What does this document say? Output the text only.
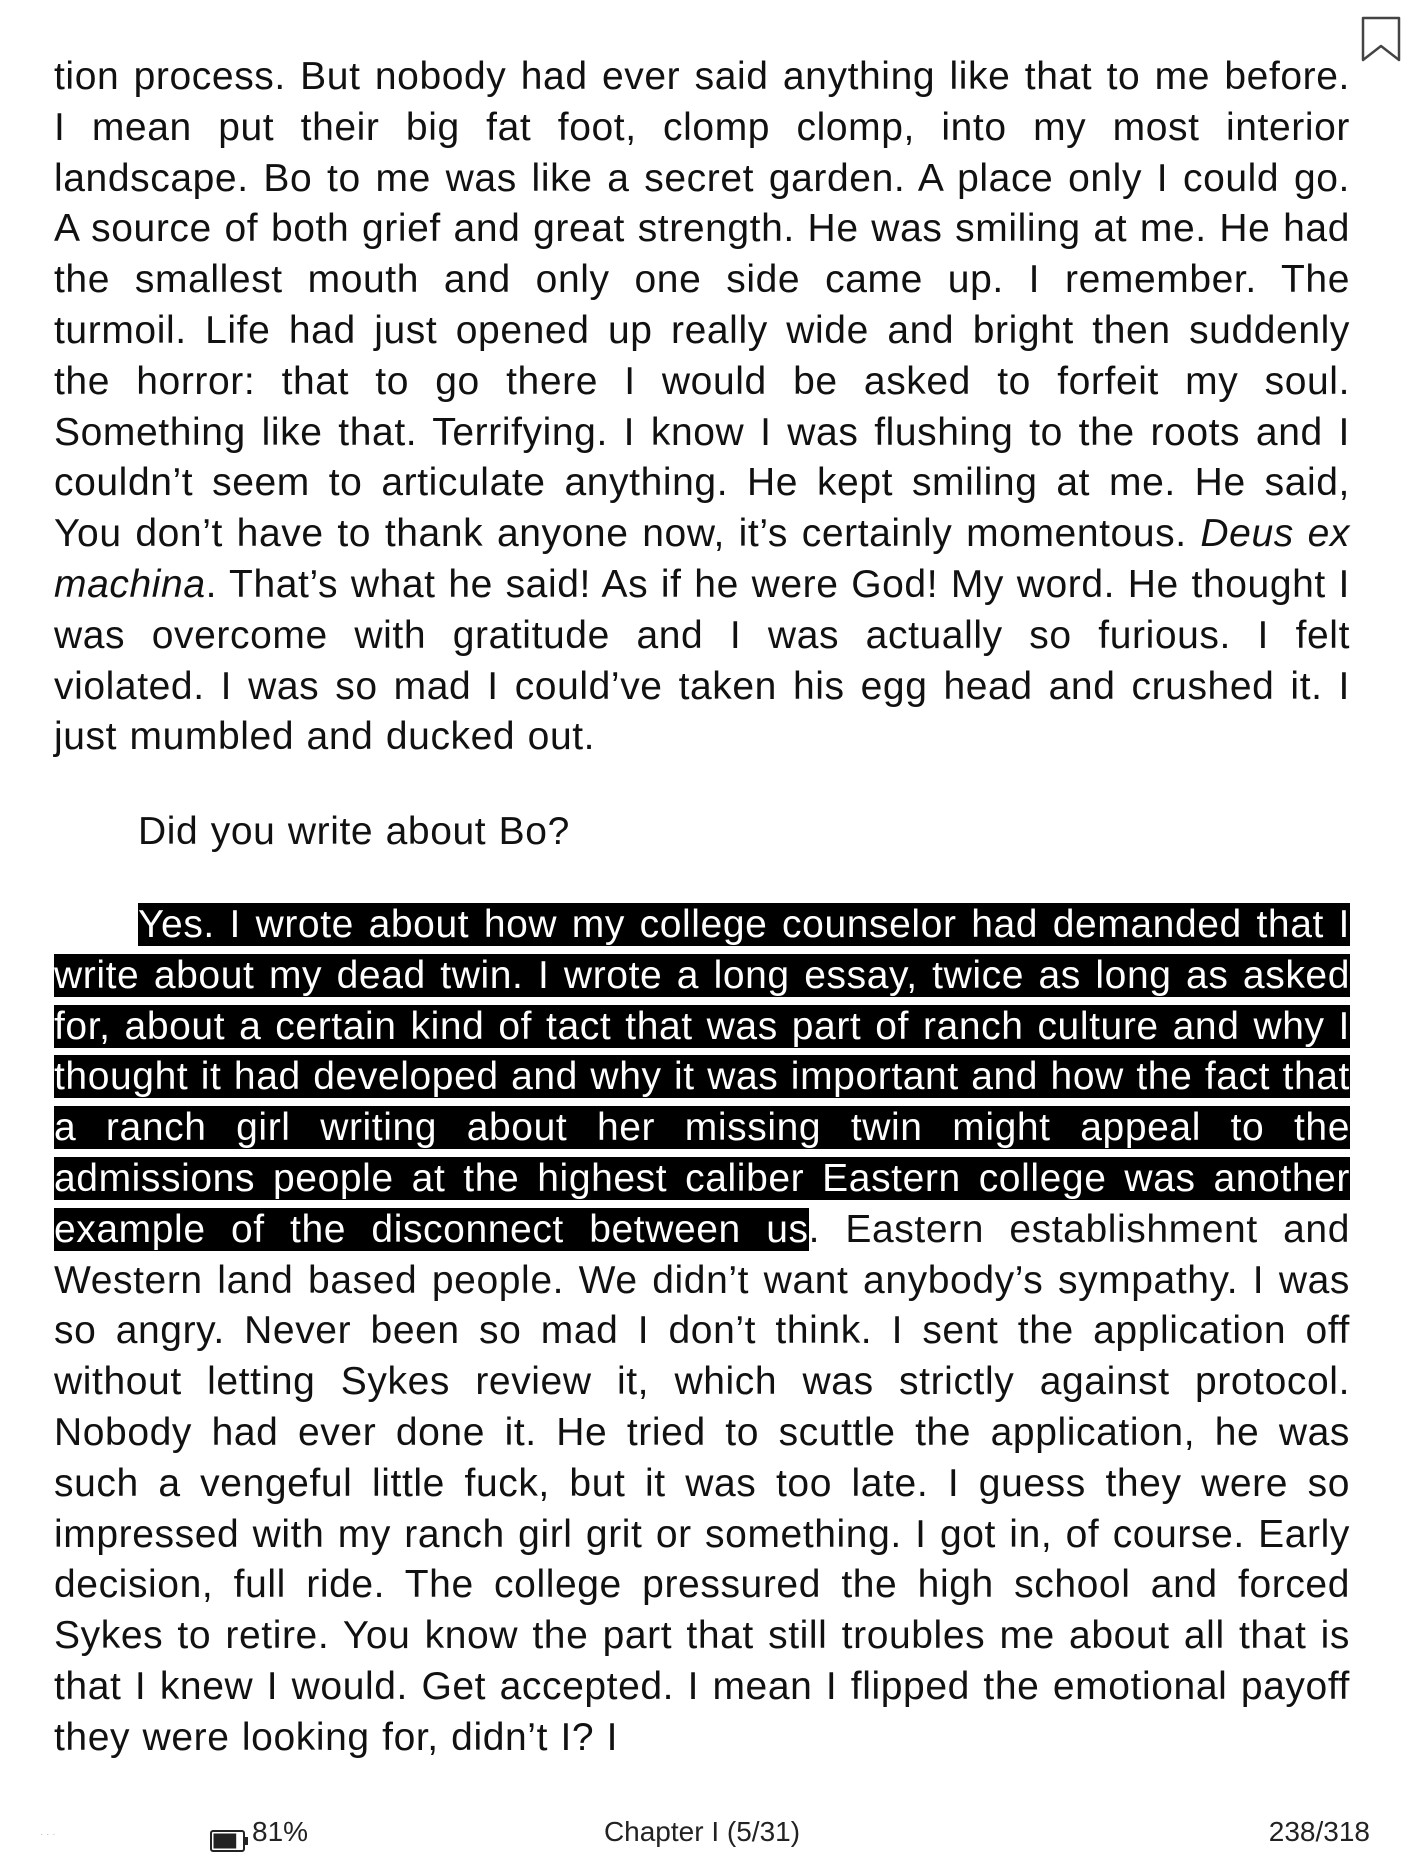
tion process. But nobody had ever said anything like that to me before. I mean put their big fat foot, clomp clomp, into my most interior landscape. Bo to me was like a secret garden. A place only I could go. A source of both grief and great strength. He was smiling at me. He had the smallest mouth and only one side came up. I remember. The turmoil. Life had just opened up really wide and bright then suddenly the horror: that to go there I would be asked to forfeit my soul. Something like that. Terrifying. I know I was flushing to the roots and I couldn’t seem to articulate anything. He kept smiling at me. He said, You don’t have to thank anyone now, it’s certainly momentous. Deus ex machina. That’s what he said! As if he were God! My word. He thought I was overcome with gratitude and I was actually so furious. I felt violated. I was so mad I could’ve taken his egg head and crushed it. I just mumbled and ducked out.

Did you write about Bo?

Yes. I wrote about how my college counselor had demanded that I write about my dead twin. I wrote a long essay, twice as long as asked for, about a certain kind of tact that was part of ranch culture and why I thought it had developed and why it was important and how the fact that a ranch girl writing about her missing twin might appeal to the admissions people at the highest caliber Eastern college was another example of the disconnect between us. Eastern establishment and Western land based people. We didn’t want anybody’s sympathy. I was so angry. Never been so mad I don’t think. I sent the application off without letting Sykes review it, which was strictly against protocol. Nobody had ever done it. He tried to scuttle the application, he was such a vengeful little fuck, but it was too late. I guess they were so impressed with my ranch girl grit or something. I got in, of course. Early decision, full ride. The college pressured the high school and forced Sykes to retire. You know the part that still troubles me about all that is that I knew I would. Get accepted. I mean I flipped the emotional payoff they were looking for, didn’t I? I

· · ·	81%	Chapter I (5/31)	238/318
